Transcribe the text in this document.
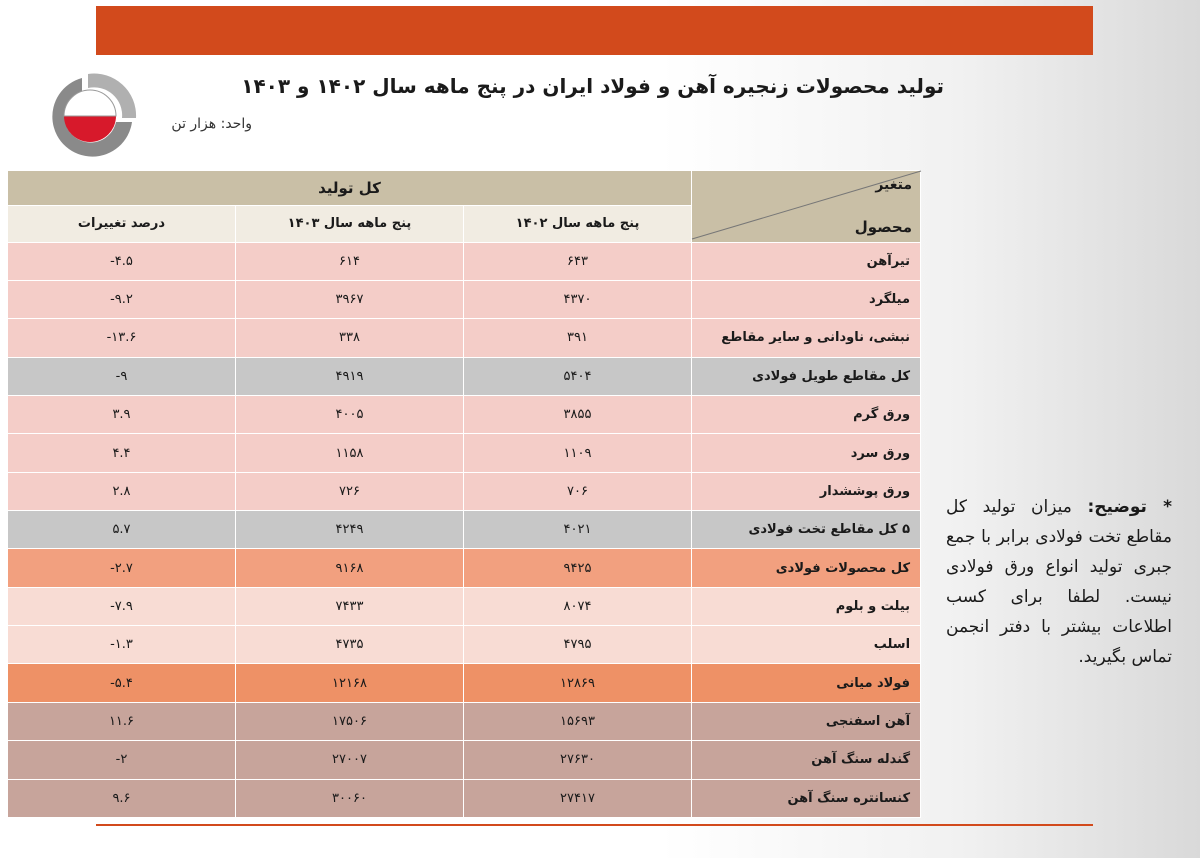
تولید محصولات زنجیره آهن و فولاد ایران در پنج ماهه سال ۱۴۰۲ و ۱۴۰۳
واحد: هزار تن
کل تولید			متغیر
محصول

درصد تغییرات	پنج ماهه سال ۱۴۰۳	پنج ماهه سال ۱۴۰۲	
-۴.۵	۶۱۴	۶۴۳	تیرآهن
-۹.۲	۳۹۶۷	۴۳۷۰	میلگرد
-۱۳.۶	۳۳۸	۳۹۱	نبشی، ناودانی و سایر مقاطع
-۹	۴۹۱۹	۵۴۰۴	کل مقاطع طویل فولادی
۳.۹	۴۰۰۵	۳۸۵۵	ورق گرم
۴.۴	۱۱۵۸	۱۱۰۹	ورق سرد
۲.۸	۷۲۶	۷۰۶	ورق پوششدار
۵.۷	۴۲۴۹	۴۰۲۱	۵ کل مقاطع تخت فولادی
-۲.۷	۹۱۶۸	۹۴۲۵	کل محصولات فولادی
-۷.۹	۷۴۳۳	۸۰۷۴	بیلت و بلوم
-۱.۳	۴۷۳۵	۴۷۹۵	اسلب
-۵.۴	۱۲۱۶۸	۱۲۸۶۹	فولاد میانی
۱۱.۶	۱۷۵۰۶	۱۵۶۹۳	آهن اسفنجی
-۲	۲۷۰۰۷	۲۷۶۳۰	گندله سنگ آهن
۹.۶	۳۰۰۶۰	۲۷۴۱۷	کنسانتره سنگ آهن
* توضیح: میزان تولید کل مقاطع تخت فولادی برابر با جمع جبری تولید انواع ورق فولادی نیست. لطفا برای کسب اطلاعات بیشتر با دفتر انجمن تماس بگیرید.
